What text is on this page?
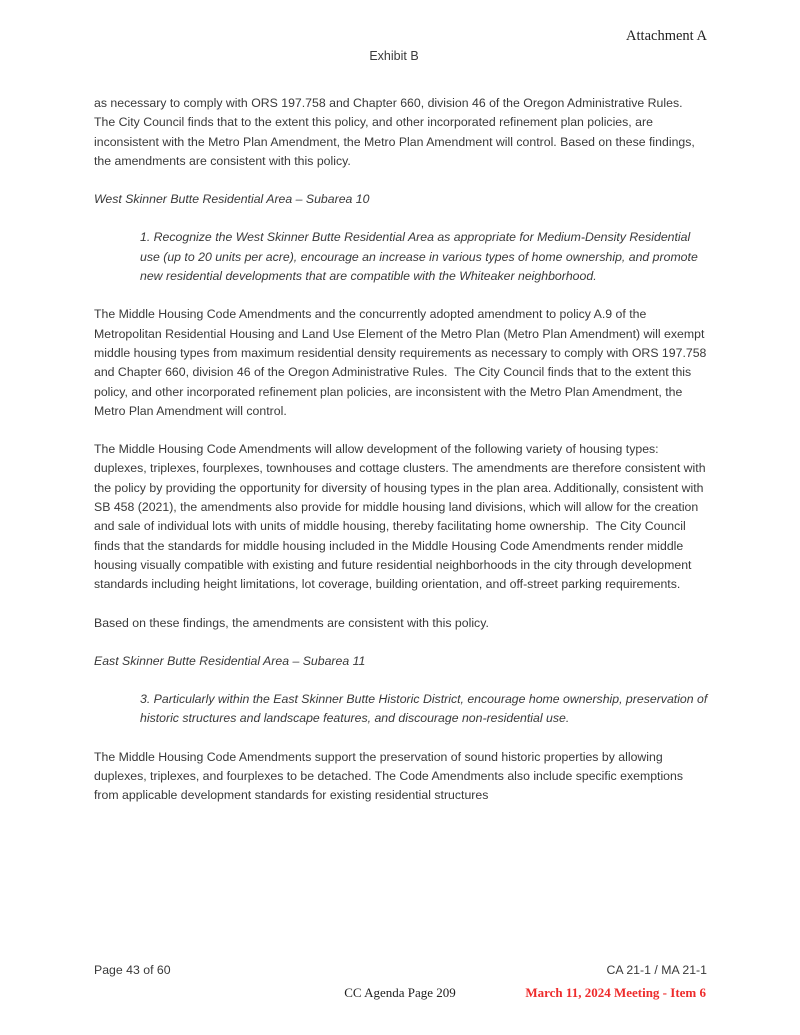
Attachment A
Exhibit B

as necessary to comply with ORS 197.758 and Chapter 660, division 46 of the Oregon Administrative Rules.  The City Council finds that to the extent this policy, and other incorporated refinement plan policies, are inconsistent with the Metro Plan Amendment, the Metro Plan Amendment will control. Based on these findings, the amendments are consistent with this policy.

West Skinner Butte Residential Area – Subarea 10

1. Recognize the West Skinner Butte Residential Area as appropriate for Medium-Density Residential use (up to 20 units per acre), encourage an increase in various types of home ownership, and promote new residential developments that are compatible with the Whiteaker neighborhood.

The Middle Housing Code Amendments and the concurrently adopted amendment to policy A.9 of the Metropolitan Residential Housing and Land Use Element of the Metro Plan (Metro Plan Amendment) will exempt middle housing types from maximum residential density requirements as necessary to comply with ORS 197.758 and Chapter 660, division 46 of the Oregon Administrative Rules.  The City Council finds that to the extent this policy, and other incorporated refinement plan policies, are inconsistent with the Metro Plan Amendment, the Metro Plan Amendment will control.

The Middle Housing Code Amendments will allow development of the following variety of housing types: duplexes, triplexes, fourplexes, townhouses and cottage clusters. The amendments are therefore consistent with the policy by providing the opportunity for diversity of housing types in the plan area. Additionally, consistent with SB 458 (2021), the amendments also provide for middle housing land divisions, which will allow for the creation and sale of individual lots with units of middle housing, thereby facilitating home ownership.  The City Council finds that the standards for middle housing included in the Middle Housing Code Amendments render middle housing visually compatible with existing and future residential neighborhoods in the city through development standards including height limitations, lot coverage, building orientation, and off-street parking requirements.

Based on these findings, the amendments are consistent with this policy.

East Skinner Butte Residential Area – Subarea 11

3. Particularly within the East Skinner Butte Historic District, encourage home ownership, preservation of historic structures and landscape features, and discourage non-residential use.

The Middle Housing Code Amendments support the preservation of sound historic properties by allowing duplexes, triplexes, and fourplexes to be detached. The Code Amendments also include specific exemptions from applicable development standards for existing residential structures

Page 43 of 60	CA 21-1 / MA 21-1
CC Agenda Page 209	March 11, 2024 Meeting - Item 6
